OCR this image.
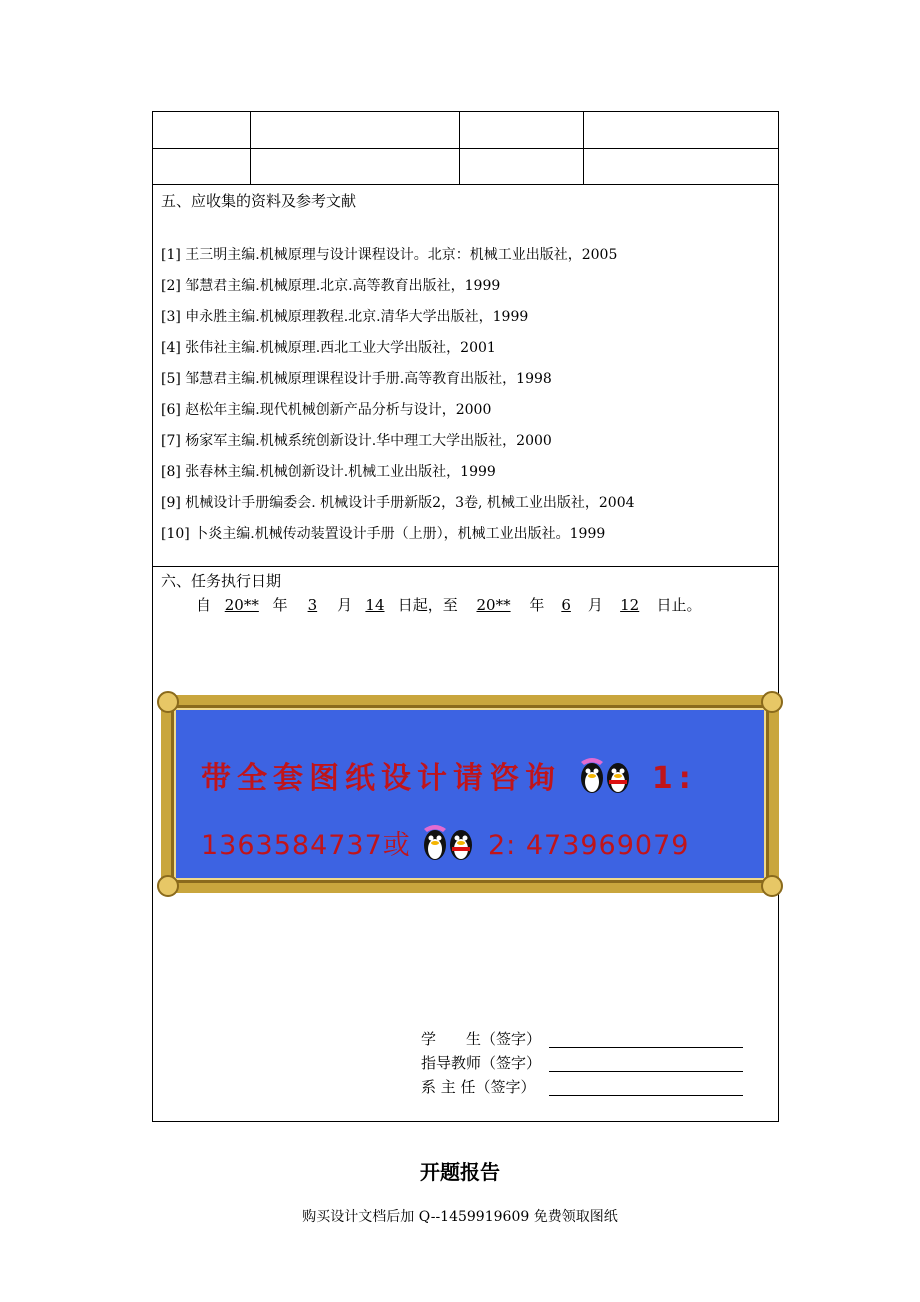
五、应收集的资料及参考文献
[1] 王三明主编.机械原理与设计课程设计。北京：机械工业出版社，2005
[2] 邹慧君主编.机械原理.北京.高等教育出版社，1999
[3] 申永胜主编.机械原理教程.北京.清华大学出版社，1999
[4] 张伟社主编.机械原理.西北工业大学出版社，2001
[5] 邹慧君主编.机械原理课程设计手册.高等教育出版社，1998
[6] 赵松年主编.现代机械创新产品分析与设计，2000
[7] 杨家军主编.机械系统创新设计.华中理工大学出版社，2000
[8] 张春林主编.机械创新设计.机械工业出版社，1999
[9] 机械设计手册编委会. 机械设计手册新版2，3卷, 机械工业出版社，2004
[10] 卜炎主编.机械传动装置设计手册（上册），机械工业出版社。1999
六、任务执行日期
自 20** 年 3 月 14 日起，至 20** 年 6 月 12 日止。
学　　生（签字）
指导教师（签字）
系 主 任（签字）
带全套图纸设计请咨询	1:
1363584737或	2: 473969079
开题报告
购买设计文档后加 Q--1459919609 免费领取图纸
